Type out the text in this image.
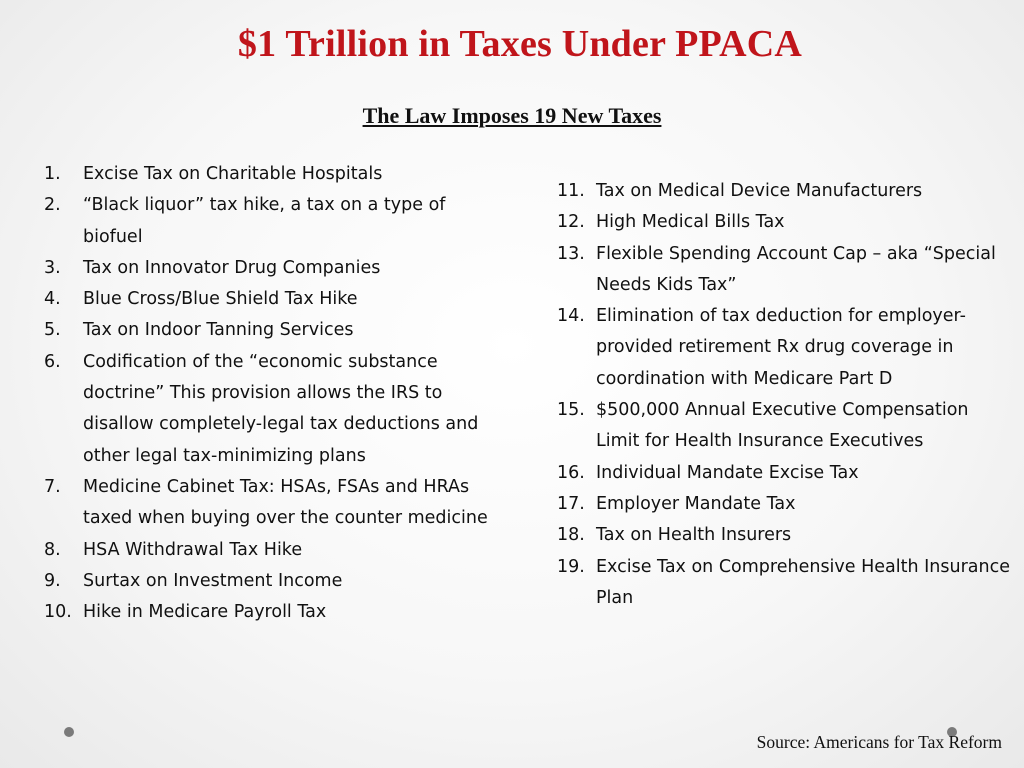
$1 Trillion in Taxes Under PPACA
The Law Imposes 19 New Taxes
1. Excise Tax on Charitable Hospitals
2. “Black liquor” tax hike, a tax on a type of biofuel
3. Tax on Innovator Drug Companies
4. Blue Cross/Blue Shield Tax Hike
5. Tax on Indoor Tanning Services
6. Codification of the “economic substance doctrine” This provision allows the IRS to disallow completely-legal tax deductions and other legal tax-minimizing plans
7. Medicine Cabinet Tax: HSAs, FSAs and HRAs taxed when buying over the counter medicine
8. HSA Withdrawal Tax Hike
9. Surtax on Investment Income
10. Hike in Medicare Payroll Tax
11. Tax on Medical Device Manufacturers
12. High Medical Bills Tax
13. Flexible Spending Account Cap – aka “Special Needs Kids Tax”
14. Elimination of tax deduction for employer-provided retirement Rx drug coverage in coordination with Medicare Part D
15. $500,000 Annual Executive Compensation Limit for Health Insurance Executives
16. Individual Mandate Excise Tax
17. Employer Mandate Tax
18. Tax on Health Insurers
19. Excise Tax on Comprehensive Health Insurance Plan
Source: Americans for Tax Reform
